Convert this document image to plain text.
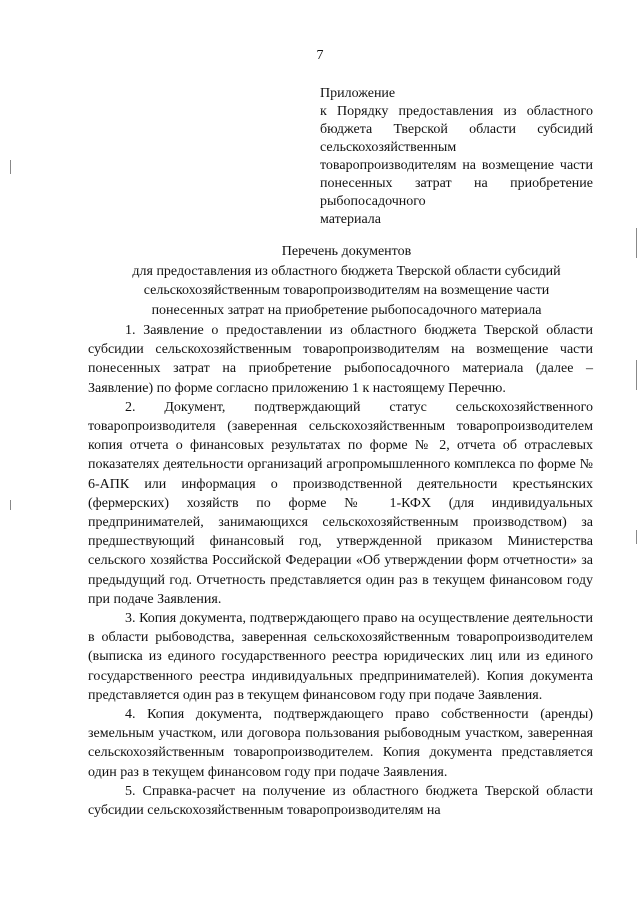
7
Приложение
к Порядку предоставления из областного бюджета Тверской области субсидий сельскохозяйственным товаропроизводителям на возмещение части понесенных затрат на приобретение рыбопосадочного
материала
Перечень документов
для предоставления из областного бюджета Тверской области субсидий
сельскохозяйственным товаропроизводителям на возмещение части
понесенных затрат на приобретение рыбопосадочного материала

1. Заявление о предоставлении из областного бюджета Тверской области субсидии сельскохозяйственным товаропроизводителям на возмещение части понесенных затрат на приобретение рыбопосадочного материала (далее – Заявление) по форме согласно приложению 1 к настоящему Перечню.

2. Документ, подтверждающий статус сельскохозяйственного товаропроизводителя (заверенная сельскохозяйственным товаропроизводителем копия отчета о финансовых результатах по форме № 2, отчета об отраслевых показателях деятельности организаций агропромышленного комплекса по форме № 6-АПК или информация о производственной деятельности крестьянских (фермерских) хозяйств по форме № 1-КФХ (для индивидуальных предпринимателей, занимающихся сельскохозяйственным производством) за предшествующий финансовый год, утвержденной приказом Министерства сельского хозяйства Российской Федерации «Об утверждении форм отчетности» за предыдущий год. Отчетность представляется один раз в текущем финансовом году при подаче Заявления.

3. Копия документа, подтверждающего право на осуществление деятельности в области рыбоводства, заверенная сельскохозяйственным товаропроизводителем (выписка из единого государственного реестра юридических лиц или из единого государственного реестра индивидуальных предпринимателей). Копия документа представляется один раз в текущем финансовом году при подаче Заявления.

4. Копия документа, подтверждающего право собственности (аренды) земельным участком, или договора пользования рыбоводным участком, заверенная сельскохозяйственным товаропроизводителем. Копия документа представляется один раз в текущем финансовом году при подаче Заявления.

5. Справка-расчет на получение из областного бюджета Тверской области субсидии сельскохозяйственным товаропроизводителям на
